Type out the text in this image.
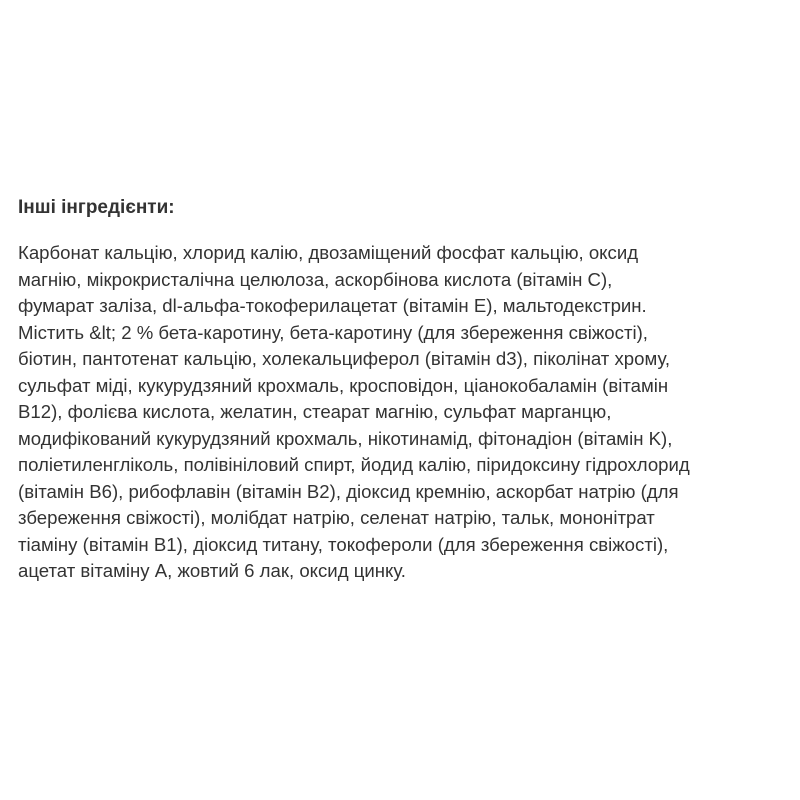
Інші інгредієнти:

Карбонат кальцію, хлорид калію, двозаміщений фосфат кальцію, оксид
магнію, мікрокристалічна целюлоза, аскорбінова кислота (вітамін C),
фумарат заліза, dl-альфа-токоферилацетат (вітамін E), мальтодекстрин.
Містить &lt; 2 % бета-каротину, бета-каротину (для збереження свіжості),
біотин, пантотенат кальцію, холекальциферол (вітамін d3), піколінат хрому,
сульфат міді, кукурудзяний крохмаль, кросповідон, ціанокобаламін (вітамін
B12), фолієва кислота, желатин, стеарат магнію, сульфат марганцю,
модифікований кукурудзяний крохмаль, нікотинамід, фітонадіон (вітамін K),
поліетиленгліколь, полівініловий спирт, йодид калію, піридоксину гідрохлорид
(вітамін B6), рибофлавін (вітамін B2), діоксид кремнію, аскорбат натрію (для
збереження свіжості), молібдат натрію, селенат натрію, тальк, мононітрат
тіаміну (вітамін B1), діоксид титану, токофероли (для збереження свіжості),
ацетат вітаміну A, жовтий 6 лак, оксид цинку.
